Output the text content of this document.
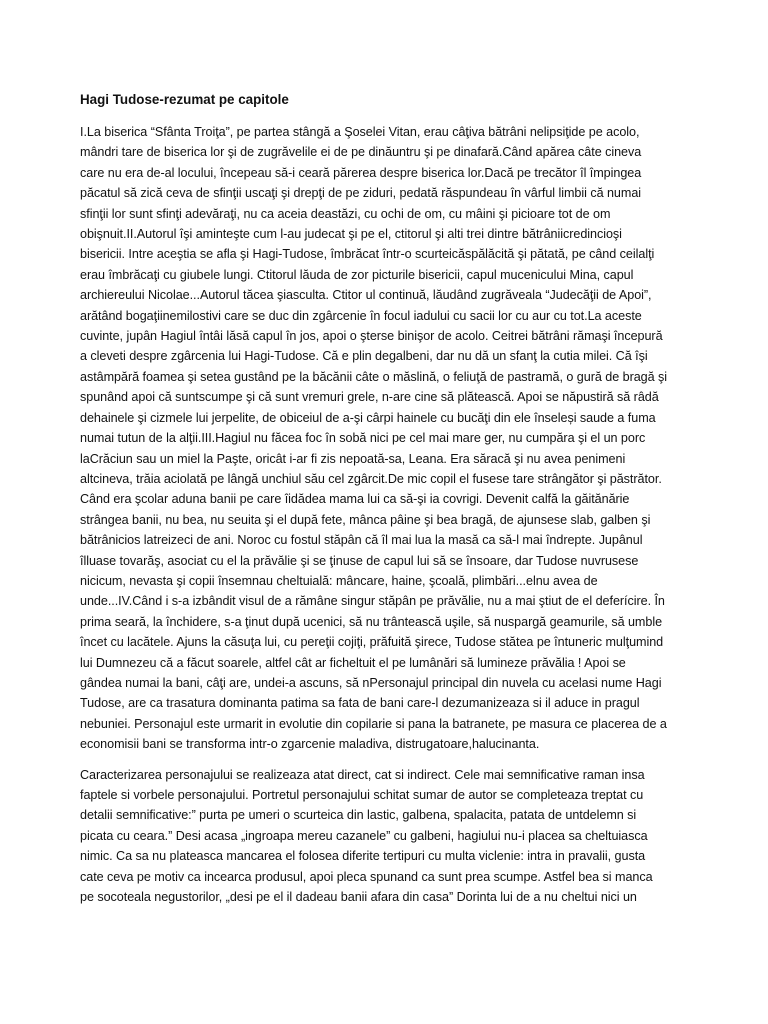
Hagi Tudose-rezumat pe capitole

I.La biserica “Sfânta Troiţa”, pe partea stângă a Şoselei Vitan, erau câţiva bătrâni nelipsiţide pe acolo, mândri tare de biserica lor şi de zugrăvelile ei de pe dinăuntru şi pe dinafară.Când apărea câte cineva care nu era de-al locului, începeau să-i ceară părerea despre biserica lor.Dacă pe trecător îl împingea păcatul să zică ceva de sfinţii uscaţi şi drepţi de pe ziduri, pedată răspundeau în vârful limbii că numai sfinţii lor sunt sfinţi adevăraţi, nu ca aceia deastăzi, cu ochi de om, cu mâini şi picioare tot de om obişnuit.II.Autorul îşi aminteşte cum l-au judecat şi pe el, ctitorul şi alti trei dintre bătrâniicredincioşi bisericii. Intre aceştia se afla şi Hagi-Tudose, îmbrăcat într-o scurteicăspălăcită şi pătată, pe când ceilalţi erau îmbrăcaţi cu giubele lungi. Ctitorul lăuda de zor picturile bisericii, capul mucenicului Mina, capul archiereului Nicolae...Autorul tăcea şiasculta. Ctitor ul continuă, lăudând zugrăveala “Judecăţii de Apoi”, arătând bogaţiinemilostivi care se duc din zgârcenie în focul iadului cu sacii lor cu aur cu tot.La aceste cuvinte, jupân Hagiul întâi lăsă capul în jos, apoi o şterse binişor de acolo. Ceitrei bătrâni rămaşi începură a cleveti despre zgârcenia lui Hagi-Tudose. Că e plin degalbeni, dar nu dă un sfanţ la cutia milei. Că îşi astâmpără foamea şi setea gustând pe la băcănii câte o măslină, o feliuţă de pastramă, o gură de bragă şi spunând apoi că suntscumpe şi că sunt vremuri grele, n-are cine să plătească. Apoi se năpustiră să râdă dehainele şi cizmele lui jerpelite, de obiceiul de a-şi cârpi hainele cu bucăţi din ele înseleși saude a fuma numai tutun de la alţii.III.Hagiul nu făcea foc în sobă nici pe cel mai mare ger, nu cumpăra şi el un porc laCrăciun sau un miel la Paşte, oricât i-ar fi zis nepoată-sa, Leana. Era săracă şi nu avea penimeni altcineva, trăia aciolată pe lângă unchiul său cel zgârcit.De mic copil el fusese tare strângător şi păstrător. Când era şcolar aduna banii pe care îidădea mama lui ca să-şi ia covrigi. Devenit calfă la găitănărie strângea banii, nu bea, nu seuita şi el după fete, mânca pâine şi bea bragă, de ajunsese slab, galben şi bătrânicios latreizeci de ani. Noroc cu fostul stăpân că îl mai lua la masă ca să-l mai îndrepte. Jupânul îlluase tovarăş, asociat cu el la prăvălie şi se ţinuse de capul lui să se însoare, dar Tudose nuvrusese nicicum, nevasta şi copii însemnau cheltuială: mâncare, haine, şcoală, plimbări...elnu avea de unde...IV.Când i s-a izbândit visul de a rămâne singur stăpân pe prăvălie, nu a mai ştiut de el deferícire. În prima seară, la închidere, s-a ţinut după ucenici, să nu trântească uşile, să nuspargă geamurile, să umble încet cu lacătele. Ajuns la căsuţa lui, cu pereţii cojiţi, prăfuită şirece, Tudose stătea pe întuneric mulţumind lui Dumnezeu că a făcut soarele, altfel cât ar ficheltuit el pe lumânări să lumineze prăvălia ! Apoi se gândea numai la bani, câţi are, undei-a ascuns, să nPersonajul principal din nuvela cu acelasi nume Hagi Tudose, are ca trasatura dominanta patima sa fata de bani care-l dezumanizeaza si il aduce in pragul nebuniei. Personajul este urmarit in evolutie din copilarie si pana la batranete, pe masura ce placerea de a economisii bani se transforma intr-o zgarcenie maladiva, distrugatoare,halucinanta.

Caracterizarea personajului se realizeaza atat direct, cat si indirect. Cele mai semnificative raman insa faptele si vorbele personajului. Portretul personajului schitat sumar de autor se completeaza treptat cu detalii semnificative:” purta pe umeri o scurteica din lastic, galbena, spalacita, patata de untdelemn si picata cu ceara.” Desi acasa „ingroapa mereu cazanele” cu galbeni, hagiului nu-i placea sa cheltuiasca nimic. Ca sa nu plateasca mancarea el folosea diferite tertipuri cu multa viclenie: intra in pravalii, gusta cate ceva pe motiv ca incearca produsul, apoi pleca spunand ca sunt prea scumpe. Astfel bea si manca pe socoteala negustorilor, „desi pe el il dadeau banii afara din casa” Dorinta lui de a nu cheltui nici un
